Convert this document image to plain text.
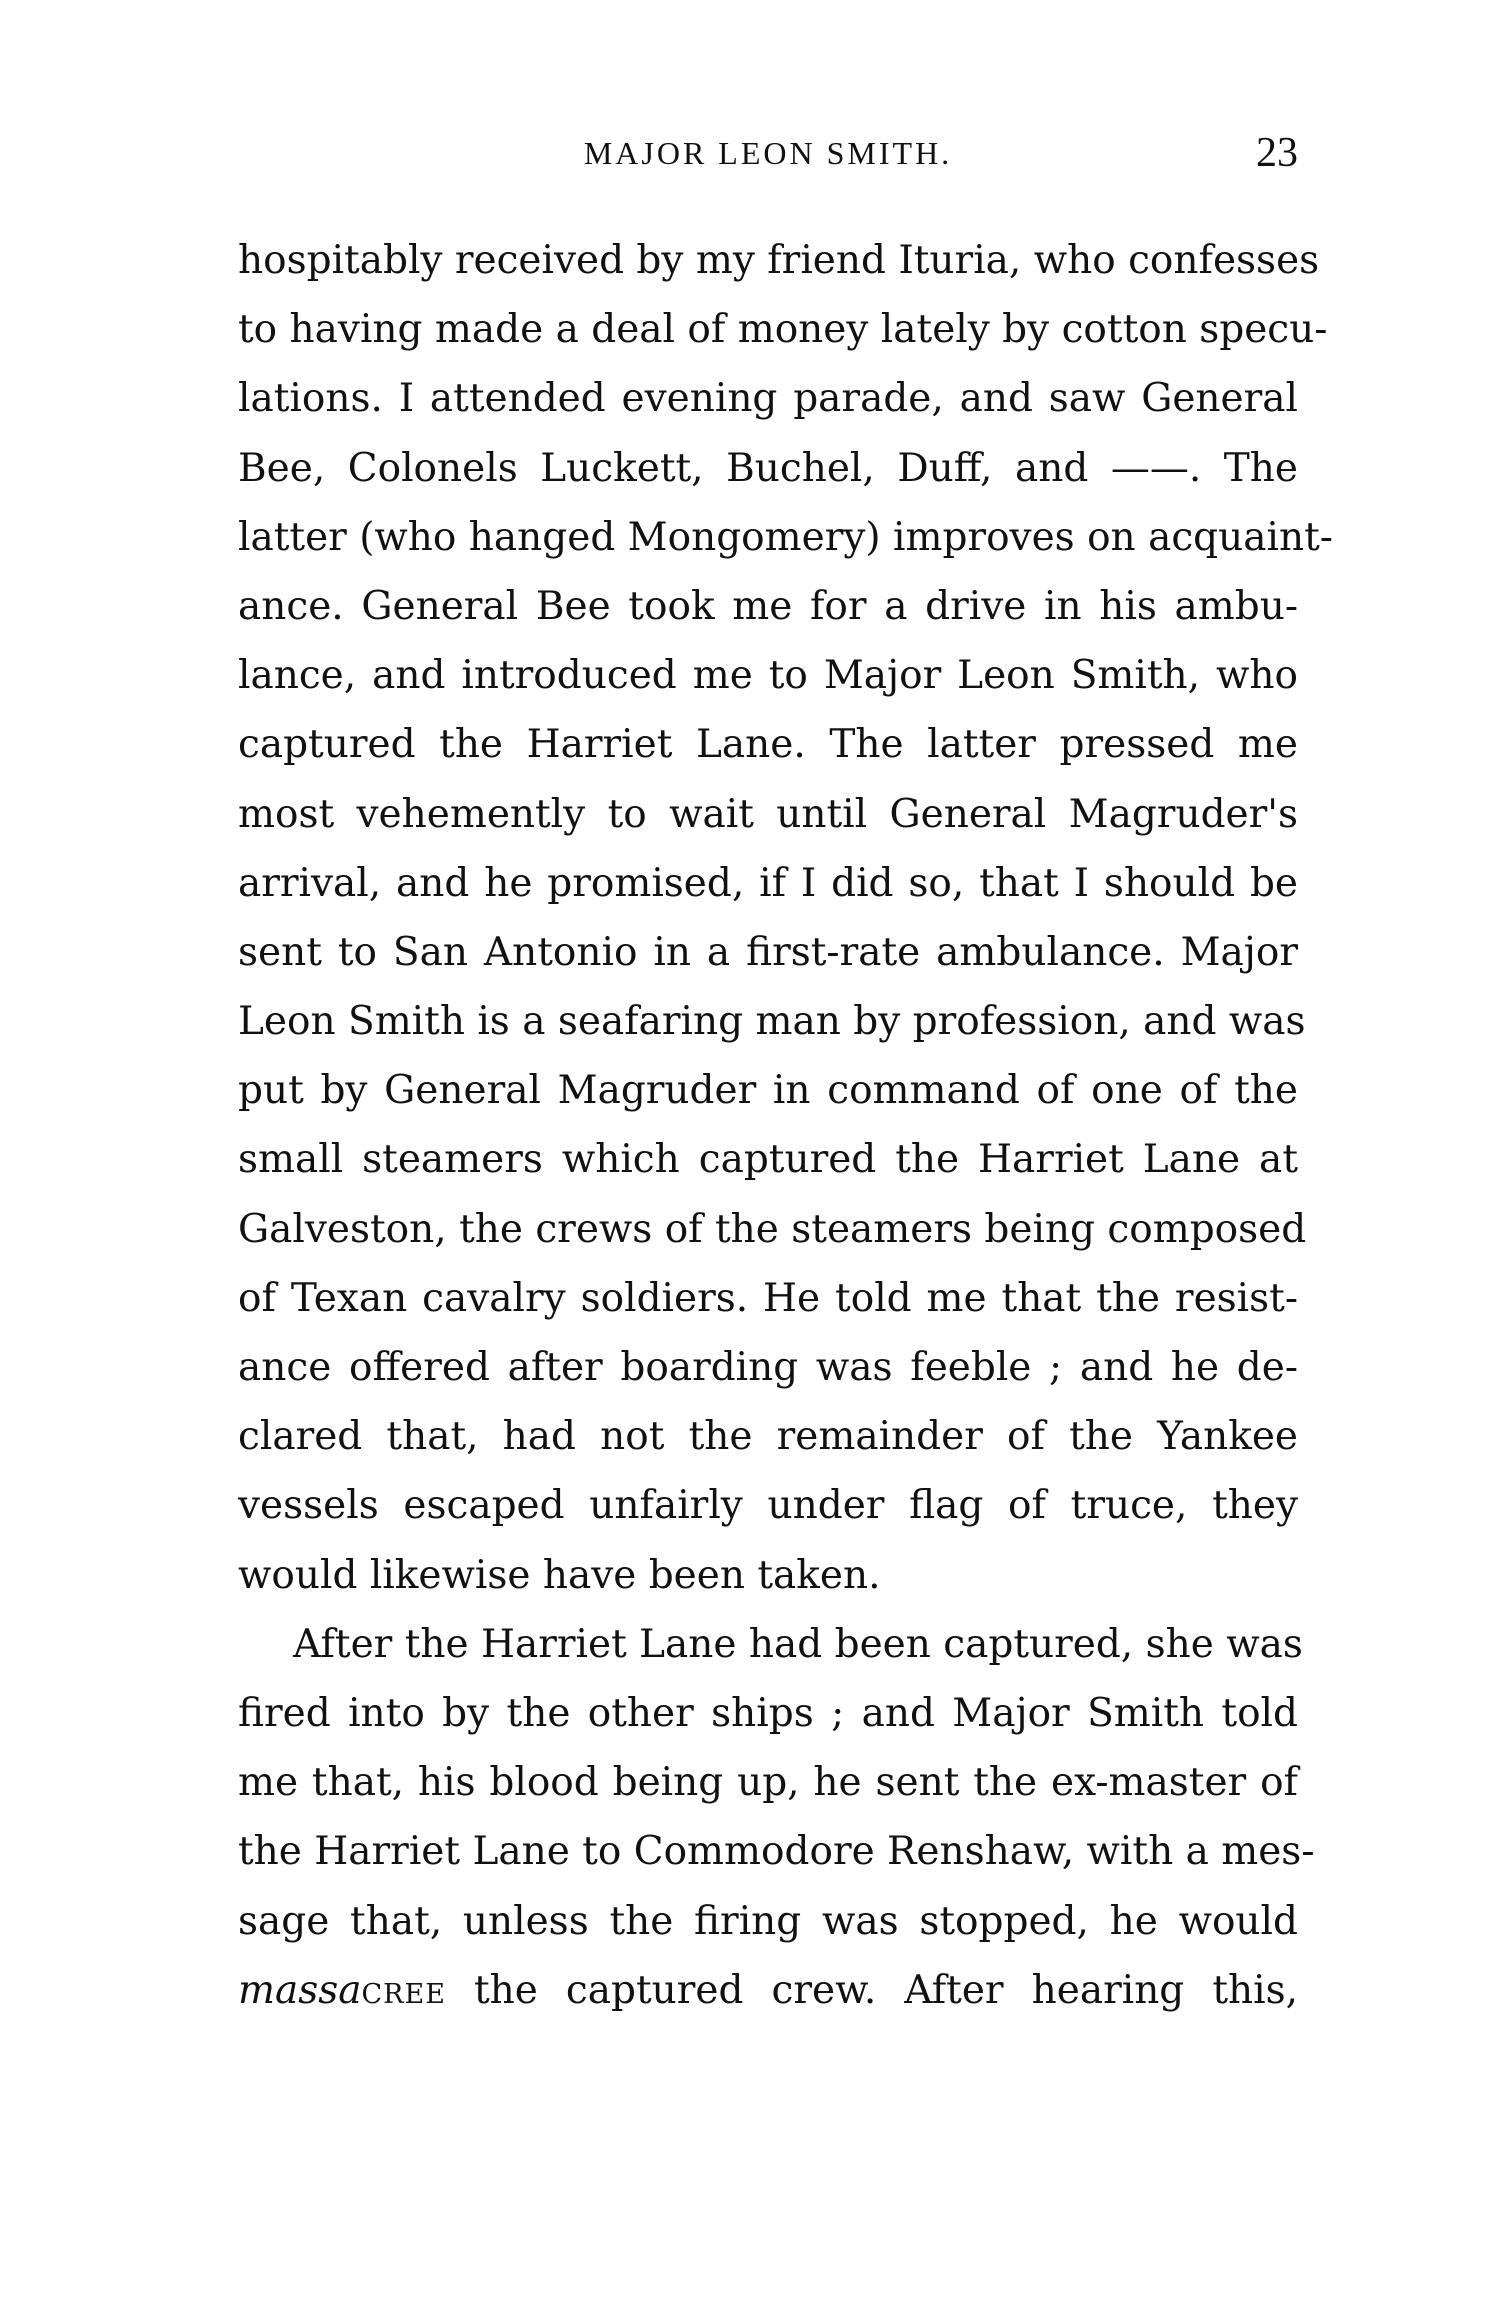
MAJOR LEON SMITH.	23
hospitably received by my friend Ituria, who confesses
to having made a deal of money lately by cotton specu-
lations. I attended evening parade, and saw General
Bee, Colonels Luckett, Buchel, Duff, and ——. The
latter (who hanged Mongomery) improves on acquaint-
ance. General Bee took me for a drive in his ambu-
lance, and introduced me to Major Leon Smith, who
captured the Harriet Lane. The latter pressed me
most vehemently to wait until General Magruder's
arrival, and he promised, if I did so, that I should be
sent to San Antonio in a first-rate ambulance. Major
Leon Smith is a seafaring man by profession, and was
put by General Magruder in command of one of the
small steamers which captured the Harriet Lane at
Galveston, the crews of the steamers being composed
of Texan cavalry soldiers. He told me that the resist-
ance offered after boarding was feeble ; and he de-
clared that, had not the remainder of the Yankee
vessels escaped unfairly under flag of truce, they
would likewise have been taken.
After the Harriet Lane had been captured, she was
fired into by the other ships ; and Major Smith told
me that, his blood being up, he sent the ex-master of
the Harriet Lane to Commodore Renshaw, with a mes-
sage that, unless the firing was stopped, he would
massacree the captured crew. After hearing this,
